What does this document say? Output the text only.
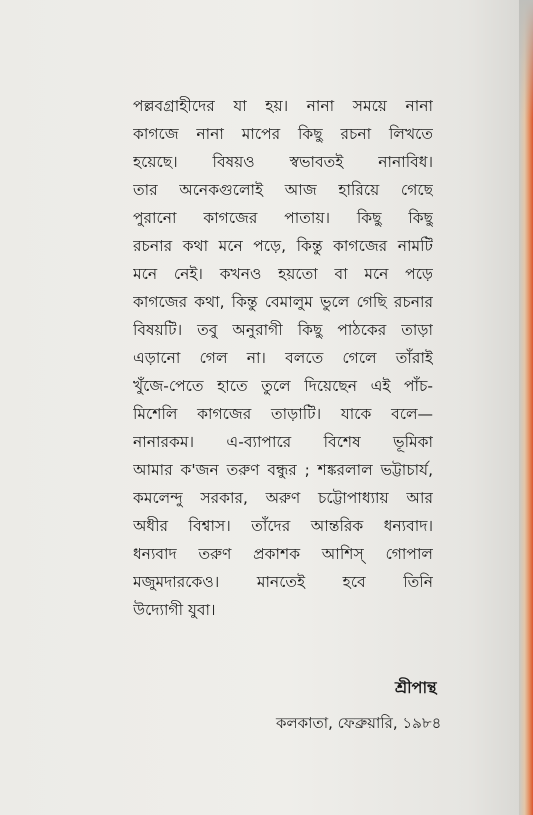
পল্লবগ্রাহীদের যা হয়। নানা সময়ে নানা
কাগজে নানা মাপের কিছু রচনা লিখতে
হয়েছে। বিষয়ও স্বভাবতই নানাবিধ।
তার অনেকগুলোই আজ হারিয়ে গেছে
পুরানো কাগজের পাতায়। কিছু কিছু
রচনার কথা মনে পড়ে, কিন্তু কাগজের নামটি
মনে নেই। কখনও হয়তো বা মনে পড়ে
কাগজের কথা, কিন্তু বেমালুম ভুলে গেছি রচনার
বিষয়টি। তবু অনুরাগী কিছু পাঠকের তাড়া
এড়ানো গেল না। বলতে গেলে তাঁরাই
খুঁজে-পেতে হাতে তুলে দিয়েছেন এই পাঁচ-
মিশেলি কাগজের তাড়াটি। যাকে বলে—
নানারকম। এ-ব্যাপারে বিশেষ ভূমিকা
আমার ক'জন তরুণ বন্ধুর ; শঙ্করলাল ভট্টাচার্য,
কমলেন্দু সরকার, অরুণ চট্টোপাধ্যায় আর
অধীর বিশ্বাস। তাঁদের আন্তরিক ধন্যবাদ।
ধন্যবাদ তরুণ প্রকাশক আশিস্ গোপাল
মজুমদারকেও। মানতেই হবে তিনি
উদ্যোগী যুবা।

শ্রীপান্থ

কলকাতা, ফেব্রুয়ারি, ১৯৮৪
